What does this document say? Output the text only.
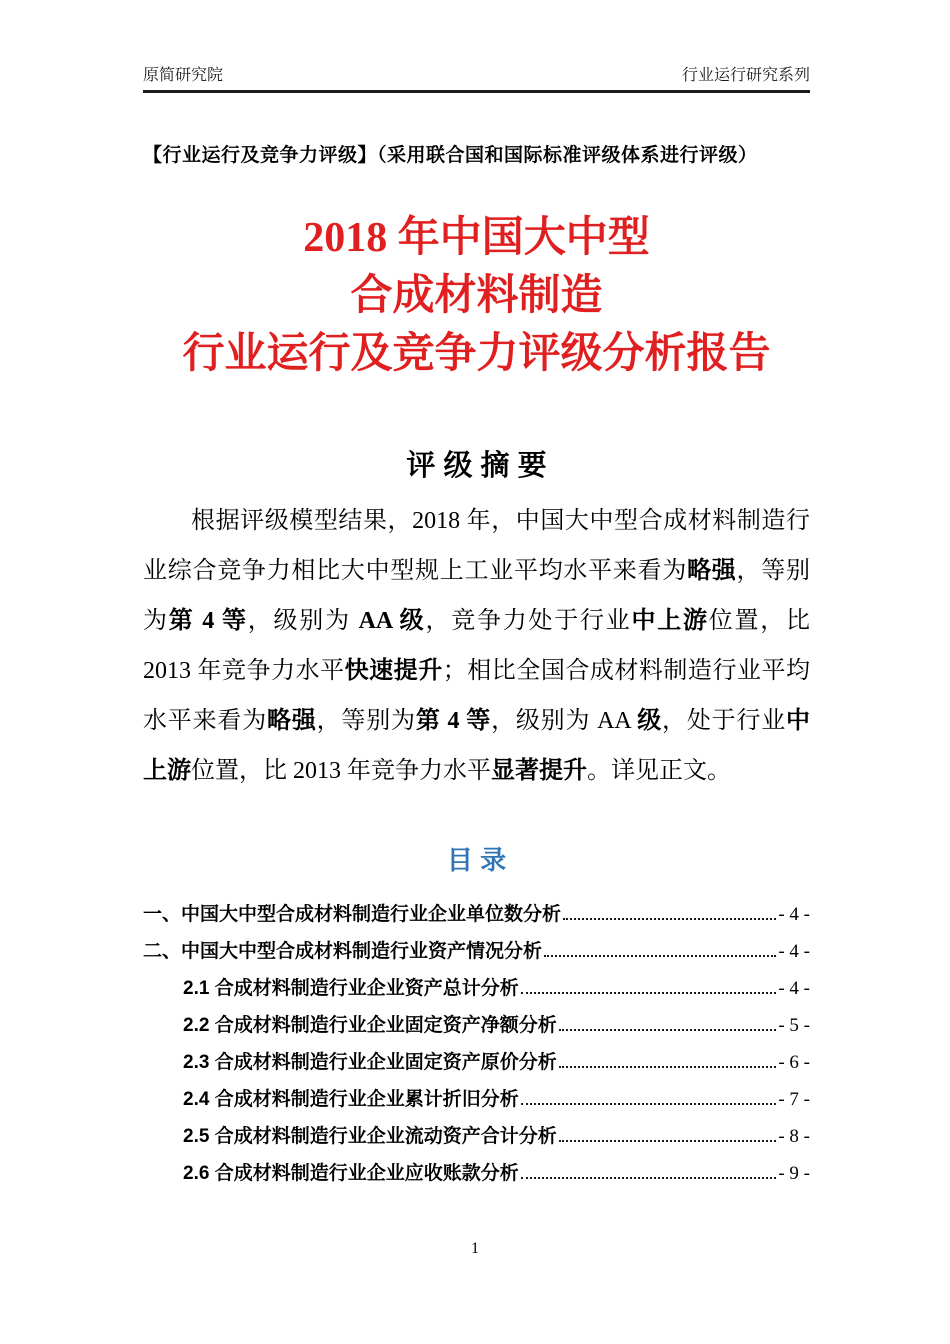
原简研究院	行业运行研究系列
【行业运行及竞争力评级】（采用联合国和国际标准评级体系进行评级）
2018 年中国大中型
合成材料制造
行业运行及竞争力评级分析报告
评 级 摘 要

根据评级模型结果，2018 年，中国大中型合成材料制造行业综合竞争力相比大中型规上工业平均水平来看为略强，等别为第 4 等，级别为 AA 级，竞争力处于行业中上游位置，比 2013 年竞争力水平快速提升；相比全国合成材料制造行业平均水平来看为略强，等别为第 4 等，级别为 AA 级，处于行业中上游位置，比 2013 年竞争力水平显著提升。详见正文。

目 录
一、中国大中型合成材料制造行业企业单位数分析	- 4 -
二、中国大中型合成材料制造行业资产情况分析	- 4 -
2.1 合成材料制造行业企业资产总计分析	- 4 -
2.2 合成材料制造行业企业固定资产净额分析	- 5 -
2.3 合成材料制造行业企业固定资产原价分析	- 6 -
2.4 合成材料制造行业企业累计折旧分析	- 7 -
2.5 合成材料制造行业企业流动资产合计分析	- 8 -
2.6 合成材料制造行业企业应收账款分析	- 9 -
1
